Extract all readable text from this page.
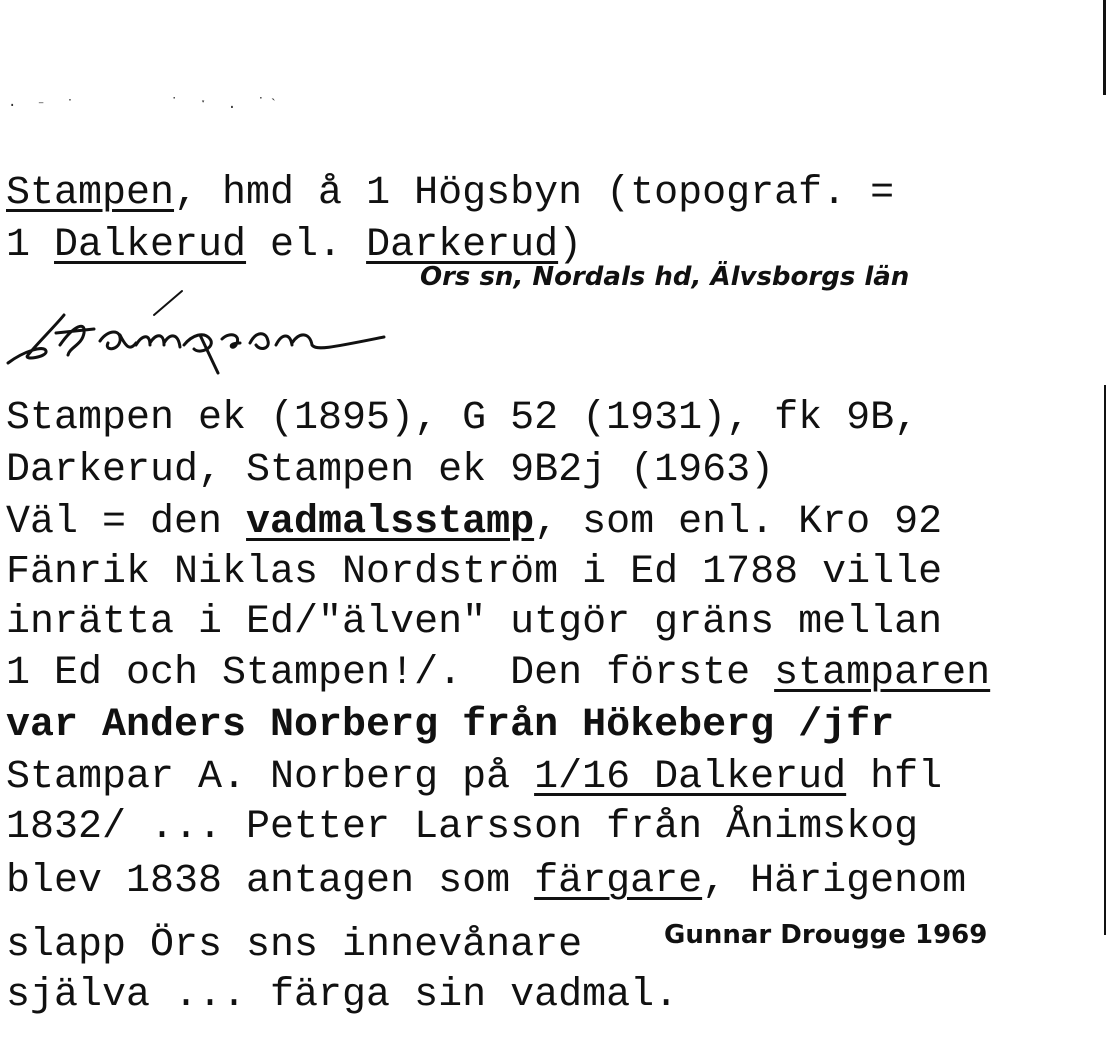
· ⁻ ˙	˙ ˑ . ˙ˋ
Stampen, hmd å 1 Högsbyn (topograf. =
1 Dalkerud el. Darkerud)
Ors sn, Nordals hd, Älvsborgs län
Stampen ek (1895), G 52 (1931), fk 9B,
Darkerud, Stampen ek 9B2j (1963)
Väl = den vadmalsstamp, som enl. Kro 92
Fänrik Niklas Nordström i Ed 1788 ville
inrätta i Ed/"älven" utgör gräns mellan
1 Ed och Stampen!/.  Den förste stamparen
var Anders Norberg från Hökeberg /jfr
Stampar A. Norberg på 1/16 Dalkerud hfl
1832/ ... Petter Larsson från Ånimskog
blev 1838 antagen som färgare, Härigenom
slapp Örs sns innevånare
själva ... färga sin vadmal.
Gunnar Drougge 1969
